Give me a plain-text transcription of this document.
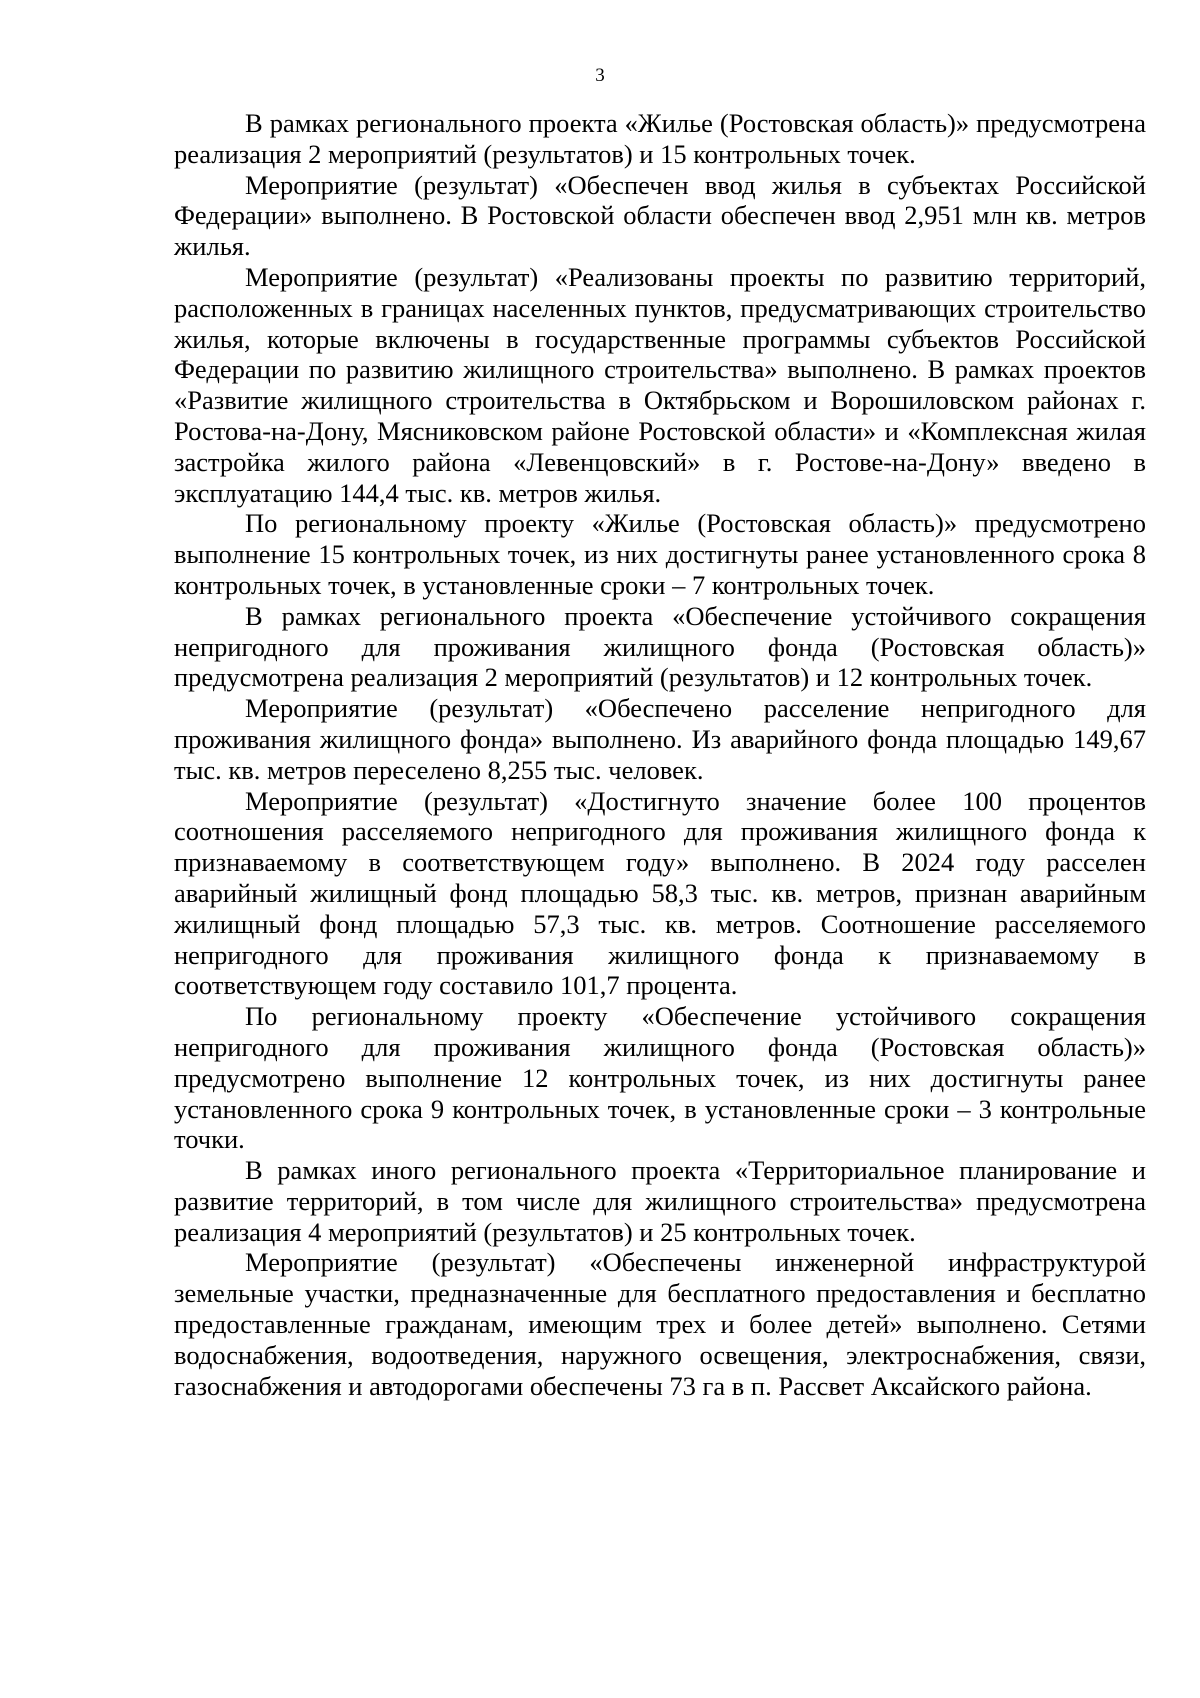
3

В рамках регионального проекта «Жилье (Ростовская область)» предусмотрена реализация 2 мероприятий (результатов) и 15 контрольных точек.

Мероприятие (результат) «Обеспечен ввод жилья в субъектах Российской Федерации» выполнено. В Ростовской области обеспечен ввод 2,951 млн кв. метров жилья.

Мероприятие (результат) «Реализованы проекты по развитию территорий, расположенных в границах населенных пунктов, предусматривающих строительство жилья, которые включены в государственные программы субъектов Российской Федерации по развитию жилищного строительства» выполнено. В рамках проектов «Развитие жилищного строительства в Октябрьском и Ворошиловском районах г. Ростова-на-Дону, Мясниковском районе Ростовской области» и «Комплексная жилая застройка жилого района «Левенцовский» в г. Ростове-на-Дону» введено в эксплуатацию 144,4 тыс. кв. метров жилья.

По региональному проекту «Жилье (Ростовская область)» предусмотрено выполнение 15 контрольных точек, из них достигнуты ранее установленного срока 8 контрольных точек, в установленные сроки – 7 контрольных точек.

В рамках регионального проекта «Обеспечение устойчивого сокращения непригодного для проживания жилищного фонда (Ростовская область)» предусмотрена реализация 2 мероприятий (результатов) и 12 контрольных точек.

Мероприятие (результат) «Обеспечено расселение непригодного для проживания жилищного фонда» выполнено. Из аварийного фонда площадью 149,67 тыс. кв. метров переселено 8,255 тыс. человек.

Мероприятие (результат) «Достигнуто значение более 100 процентов соотношения расселяемого непригодного для проживания жилищного фонда к признаваемому в соответствующем году» выполнено. В 2024 году расселен аварийный жилищный фонд площадью 58,3 тыс. кв. метров, признан аварийным жилищный фонд площадью 57,3 тыс. кв. метров. Соотношение расселяемого непригодного для проживания жилищного фонда к признаваемому в соответствующем году составило 101,7 процента.

По региональному проекту «Обеспечение устойчивого сокращения непригодного для проживания жилищного фонда (Ростовская область)» предусмотрено выполнение 12 контрольных точек, из них достигнуты ранее установленного срока 9 контрольных точек, в установленные сроки – 3 контрольные точки.

В рамках иного регионального проекта «Территориальное планирование и развитие территорий, в том числе для жилищного строительства» предусмотрена реализация 4 мероприятий (результатов) и 25 контрольных точек.

Мероприятие (результат) «Обеспечены инженерной инфраструктурой земельные участки, предназначенные для бесплатного предоставления и бесплатно предоставленные гражданам, имеющим трех и более детей» выполнено. Сетями водоснабжения, водоотведения, наружного освещения, электроснабжения, связи, газоснабжения и автодорогами обеспечены 73 га в п. Рассвет Аксайского района.
